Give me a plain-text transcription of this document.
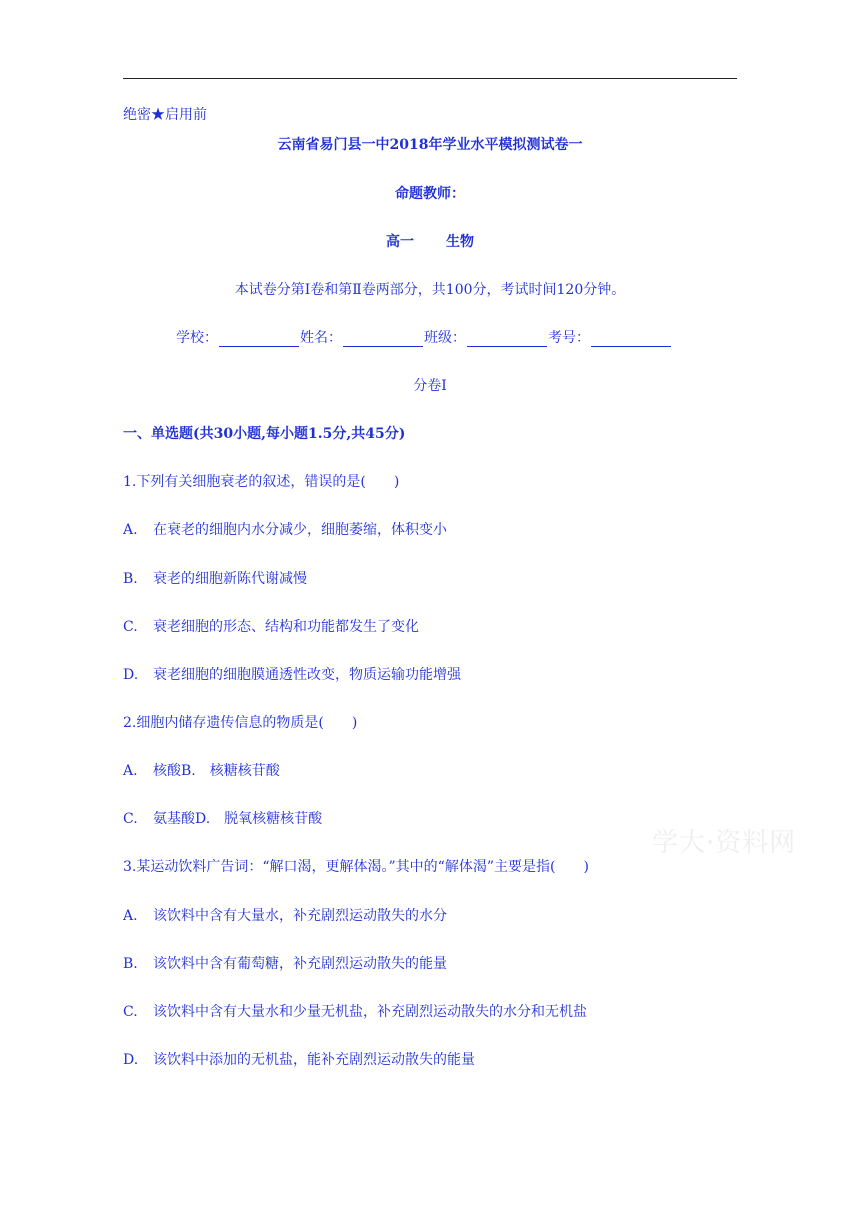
绝密★启用前
云南省易门县一中2018年学业水平模拟测试卷一
命题教师：
高一 生物
本试卷分第Ⅰ卷和第Ⅱ卷两部分，共100分，考试时间120分钟。
学校：	姓名：	班级：	考号：
分卷I
一、单选题(共30小题,每小题1.5分,共45分)
1.下列有关细胞衰老的叙述，错误的是(　　)
A. 在衰老的细胞内水分减少，细胞萎缩，体积变小
B. 衰老的细胞新陈代谢减慢
C. 衰老细胞的形态、结构和功能都发生了变化
D. 衰老细胞的细胞膜通透性改变，物质运输功能增强
2.细胞内储存遗传信息的物质是(　　)
A. 核酸B.　核糖核苷酸
C. 氨基酸D.　脱氧核糖核苷酸
学大·资料网
3.某运动饮料广告词：“解口渴，更解体渴。”其中的“解体渴”主要是指(　　)
A. 该饮料中含有大量水，补充剧烈运动散失的水分
B. 该饮料中含有葡萄糖，补充剧烈运动散失的能量
C. 该饮料中含有大量水和少量无机盐，补充剧烈运动散失的水分和无机盐
D. 该饮料中添加的无机盐，能补充剧烈运动散失的能量
